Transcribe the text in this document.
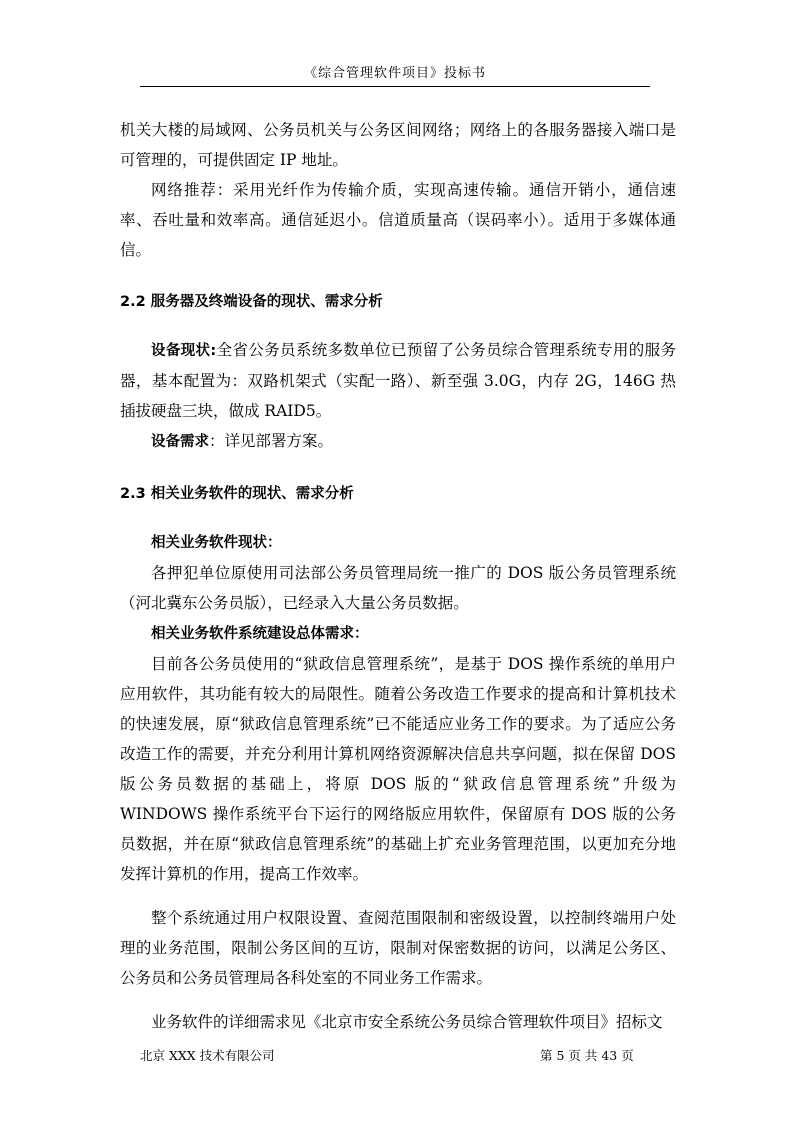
《综合管理软件项目》投标书

机关大楼的局域网、公务员机关与公务区间网络；网络上的各服务器接入端口是可管理的，可提供固定 IP 地址。

网络推荐：采用光纤作为传输介质，实现高速传输。通信开销小，通信速率、吞吐量和效率高。通信延迟小。信道质量高（误码率小）。适用于多媒体通信。

2.2 服务器及终端设备的现状、需求分析

设备现状:全省公务员系统多数单位已预留了公务员综合管理系统专用的服务器，基本配置为：双路机架式（实配一路）、新至强 3.0G，内存 2G，146G 热插拔硬盘三块，做成 RAID5。

设备需求：详见部署方案。

2.3 相关业务软件的现状、需求分析

相关业务软件现状：

各押犯单位原使用司法部公务员管理局统一推广的 DOS 版公务员管理系统（河北冀东公务员版），已经录入大量公务员数据。

相关业务软件系统建设总体需求：

目前各公务员使用的“狱政信息管理系统”，是基于 DOS 操作系统的单用户应用软件，其功能有较大的局限性。随着公务改造工作要求的提高和计算机技术的快速发展，原“狱政信息管理系统”已不能适应业务工作的要求。为了适应公务改造工作的需要，并充分利用计算机网络资源解决信息共享问题，拟在保留 DOS 版公务员数据的基础上，将原 DOS 版的“狱政信息管理系统”升级为 WINDOWS 操作系统平台下运行的网络版应用软件，保留原有 DOS 版的公务员数据，并在原“狱政信息管理系统”的基础上扩充业务管理范围，以更加充分地发挥计算机的作用，提高工作效率。

整个系统通过用户权限设置、查阅范围限制和密级设置，以控制终端用户处理的业务范围，限制公务区间的互访，限制对保密数据的访问，以满足公务区、公务员和公务员管理局各科处室的不同业务工作需求。

业务软件的详细需求见《北京市安全系统公务员综合管理软件项目》招标文

北京 XXX 技术有限公司	第 5 页 共 43 页
